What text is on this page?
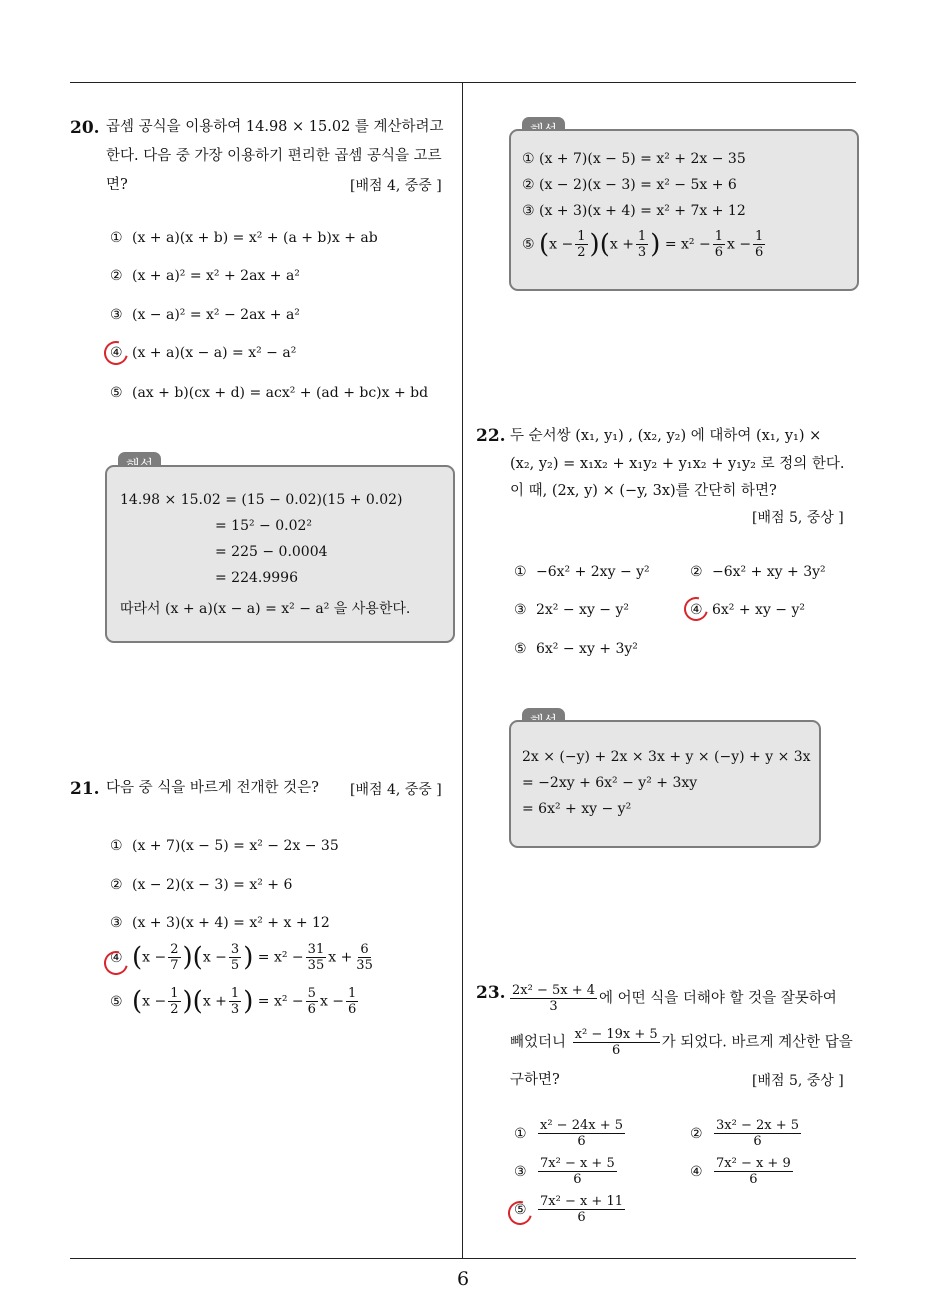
6
20. 곱셈 공식을 이용하여 14.98 × 15.02 를 계산하려고
한다. 다음 중 가장 이용하기 편리한 곱셈 공식을 고르
면?	[배점 4, 중중 ]
① (x + a)(x + b) = x² + (a + b)x + ab
② (x + a)² = x² + 2ax + a²
③ (x − a)² = x² − 2ax + a²
④ (x + a)(x − a) = x² − a²
⑤ (ax + b)(cx + d) = acx² + (ad + bc)x + bd
14.98 × 15.02 = (15 − 0.02)(15 + 0.02)
= 15² − 0.02²
= 225 − 0.0004
= 224.9996
따라서 (x + a)(x − a) = x² − a² 을 사용한다.
21. 다음 중 식을 바르게 전개한 것은? [배점 4, 중중 ]
① (x + 7)(x − 5) = x² − 2x − 35
② (x − 2)(x − 3) = x² + 6
③ (x + 3)(x + 4) = x² + x + 12
④ $(x - \frac{2}{7} )(x - \frac{3}{5}$ ) = $x^2 - \frac{31}{35}$ $x + \frac{6}{35}$
⑤ $(x - \frac{1}{2} )(x + \frac{1}{3}$ ) = $x^2 - \frac{5}{6}$ $x - \frac{1}{6}$
① (x + 7)(x − 5) = x² + 2x − 35
② (x − 2)(x − 3) = x² − 5x + 6
③ (x + 3)(x + 4) = x² + 7x + 12
⑤ $(x - \frac{1}{2} )(x + \frac{1}{3}$ ) = $x^2 - \frac{1}{6}$ $x - \frac{1}{6}$
22. 두 순서쌍 (x₁, y₁) , (x₂, y₂) 에 대하여 (x₁, y₁) ×
(x₂, y₂) = x₁x₂ + x₁y₂ + y₁x₂ + y₁y₂ 로 정의 한다.
이 때, (2x, y) × (−y, 3x)를 간단히 하면?
[배점 5, 중상 ]
① −6x² + 2xy − y²	② −6x² + xy + 3y²
③ 2x² − xy − y²	④ 6x² + xy − y²
⑤ 6x² − xy + 3y²
2x × (−y) + 2x × 3x + y × (−y) + y × 3x
= −2xy + 6x² − y² + 3xy
= 6x² + xy − y²
23. $\frac{\text{2x² − 5x + 4}}{3}$ 에 어떤 식을 더해야 할 것을 잘못하여
빼었더니 $\frac{\text{x² − 19x + 5}}{6}$ 가 되었다. 바르게 계산한 답을
구하면?	[배점 5, 중상 ]
① $\frac{\text{x² − 24x + 5}}{6}$	② $\frac{\text{3x² − 2x + 5}}{6}$
③ $\frac{\text{7x² − x + 5}}{6}$	④ $\frac{\text{7x² − x + 9}}{6}$
⑤ $\frac{\text{7x² − x + 11}}{6}$
